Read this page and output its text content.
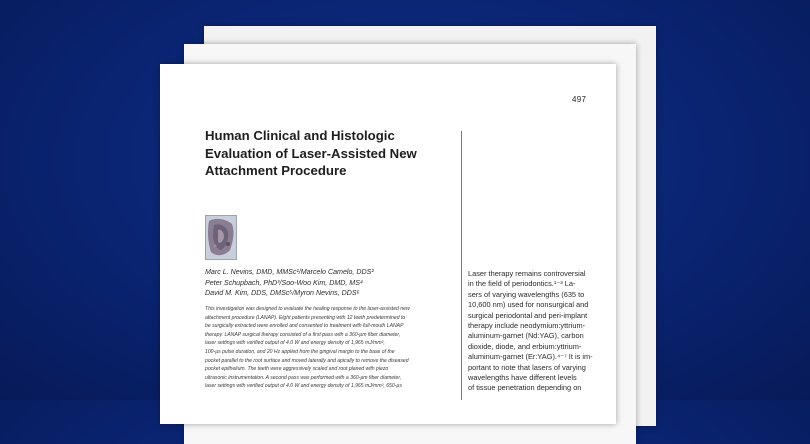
497
Human Clinical and Histologic
Evaluation of Laser-Assisted New
Attachment Procedure
Marc L. Nevins, DMD, MMSc¹/Marcelo Camelo, DDS²
Peter Schupbach, PhD³/Soo-Woo Kim, DMD, MS⁴
David M. Kim, DDS, DMSc⁵/Myron Nevins, DDS⁶
This investigation was designed to evaluate the healing response to the laser-assisted new
attachment procedure (LANAP). Eight patients presenting with 12 teeth predetermined to
be surgically extracted were enrolled and consented to treatment with full-mouth LANAP
therapy. LANAP surgical therapy consisted of a first pass with a 360-µm fiber diameter,
laser settings with verified output of 4.0 W and energy density of 1,965 mJ/mm²,
100-µs pulse duration, and 20 Hz applied from the gingival margin to the base of the
pocket parallel to the root surface and moved laterally and apically to remove the diseased
pocket epithelium. The teeth were aggressively scaled and root planed with piezo
ultrasonic instrumentation. A second pass was performed with a 360-µm fiber diameter,
laser settings with verified output of 4.0 W and energy density of 1,965 mJ/mm², 650-µs
Laser therapy remains controversial
in the field of periodontics.¹⁻³ La-
sers of varying wavelengths (635 to
10,600 nm) used for nonsurgical and
surgical periodontal and peri-implant
therapy include neodymium:yttrium-
aluminum-garnet (Nd:YAG), carbon
dioxide, diode, and erbium:yttrium-
aluminum-garnet (Er:YAG).⁴⁻⁷ It is im-
portant to note that lasers of varying
wavelengths have different levels
of tissue penetration depending on
